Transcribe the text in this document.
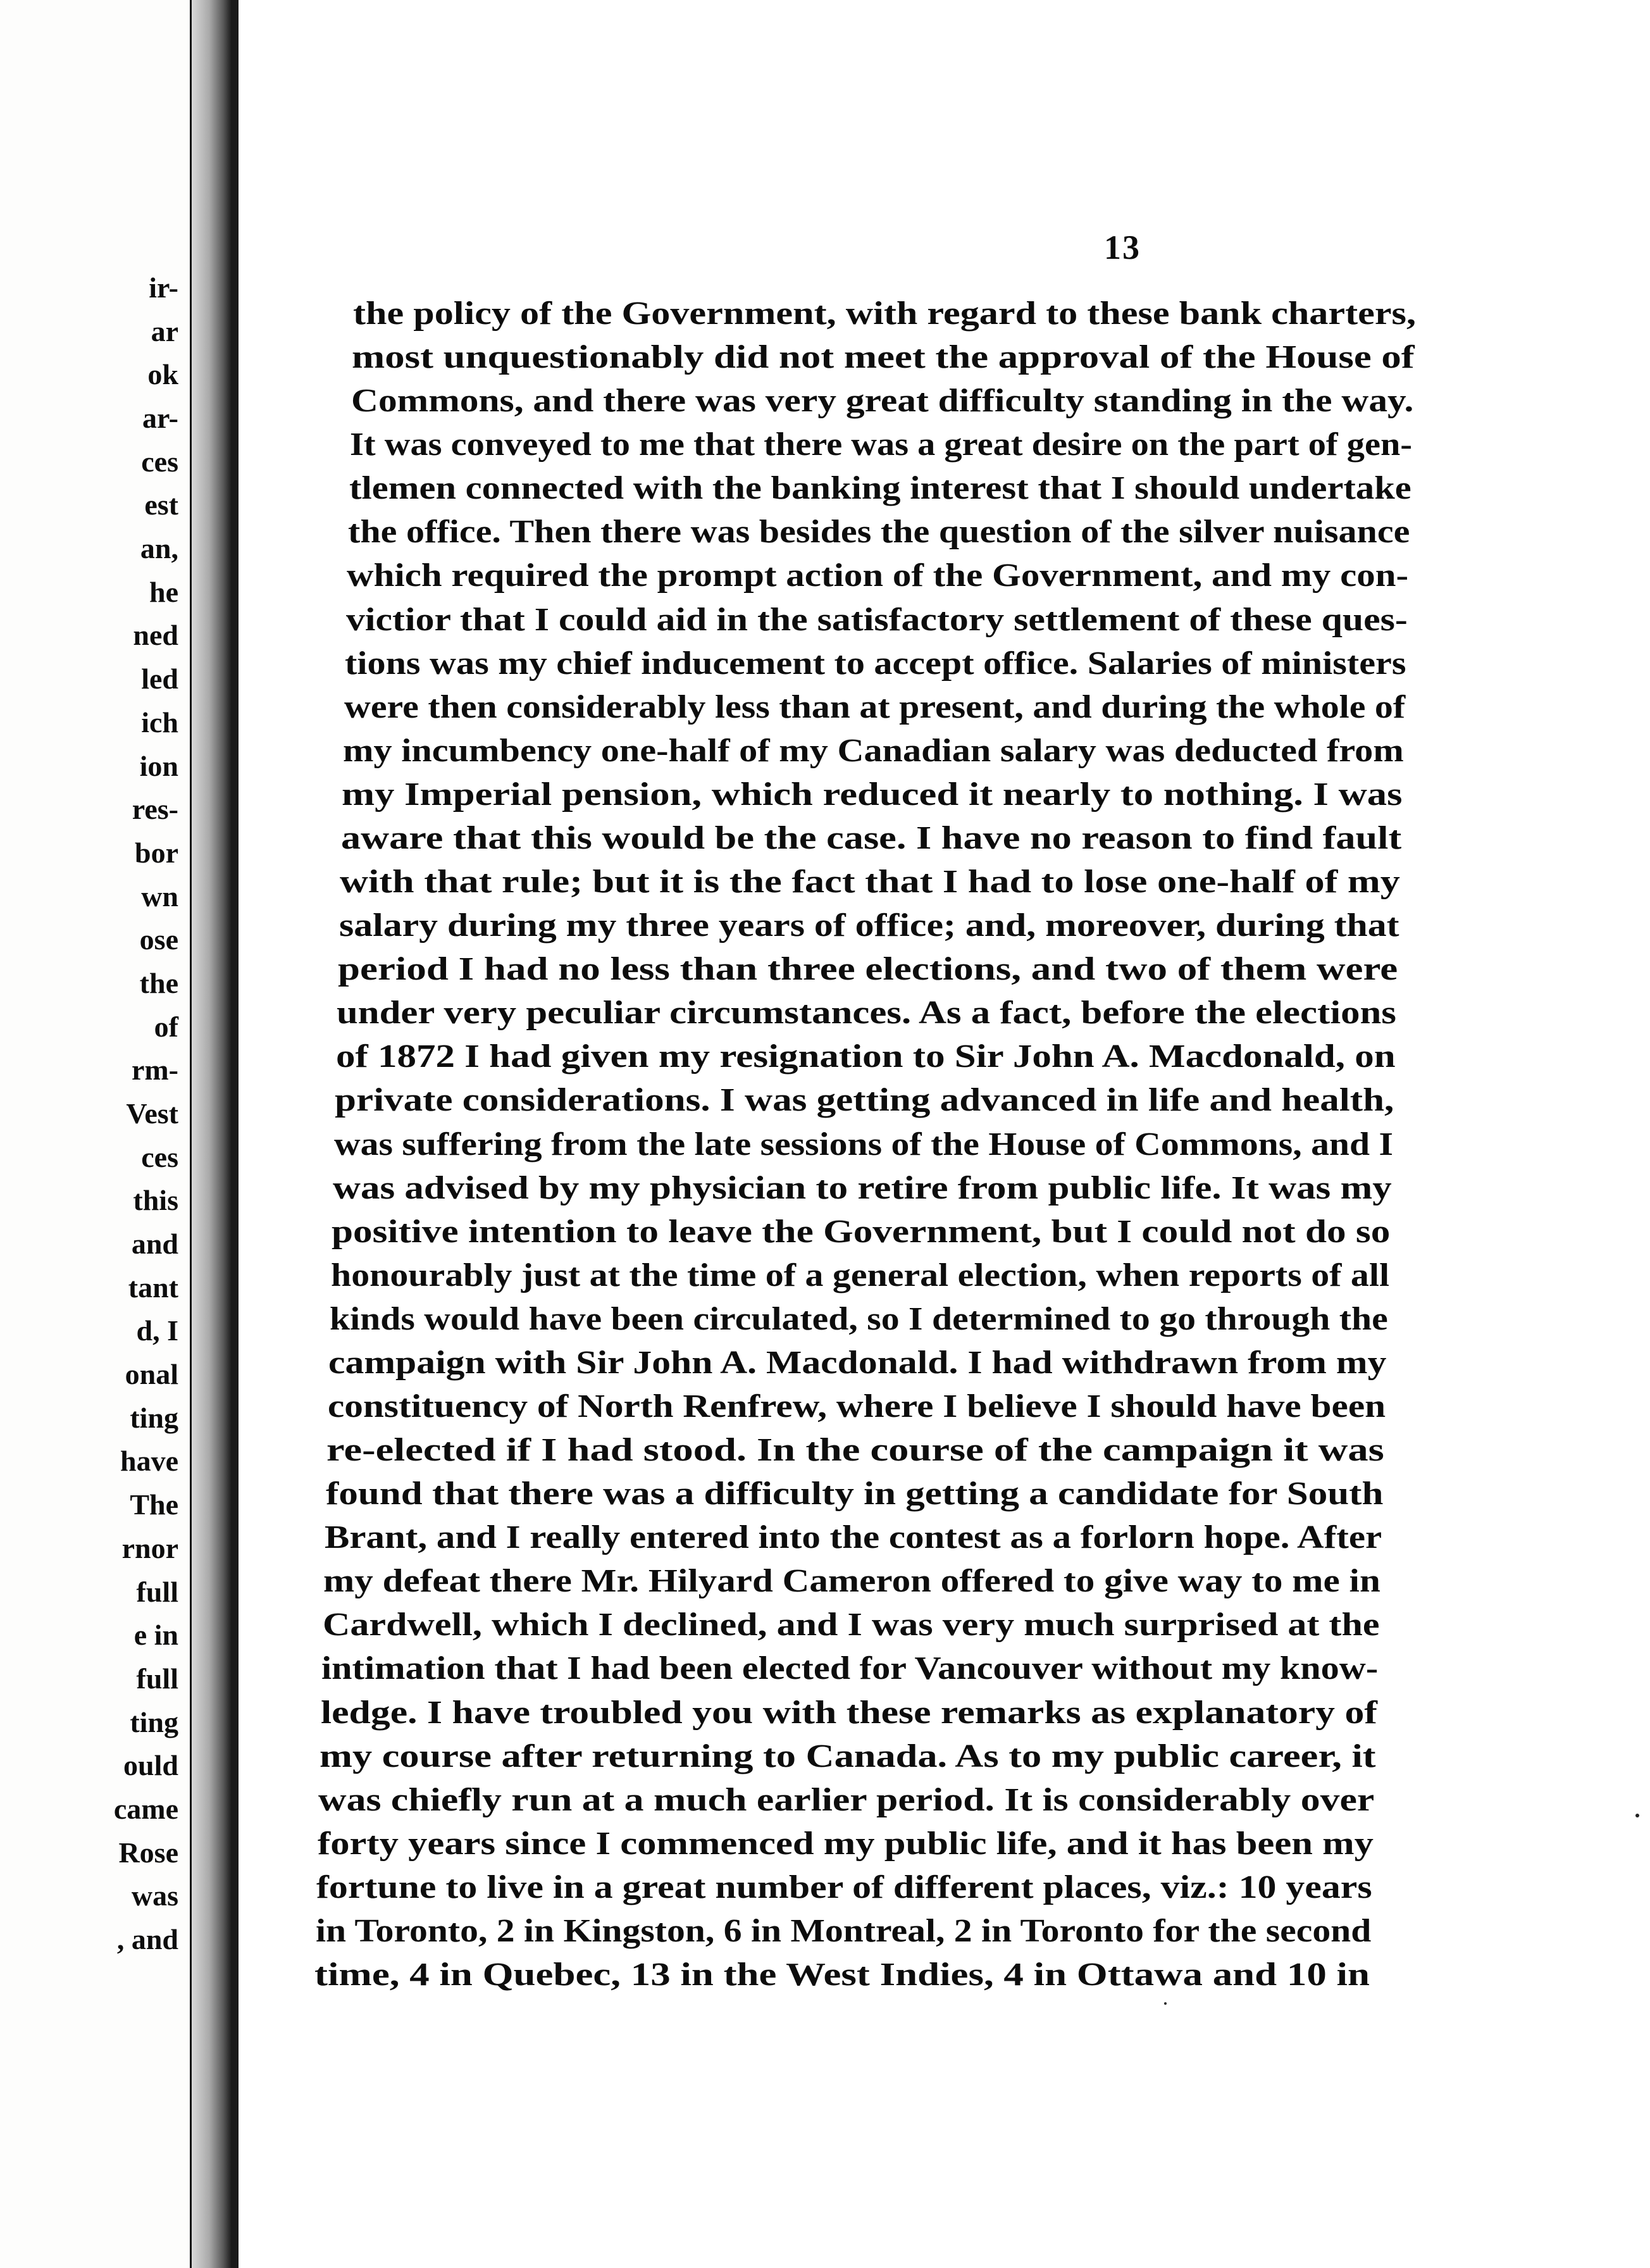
ir-
ar
ok
ar-
ces
est
an,
he
ned
led
ich
ion
res-
bor
wn
ose
the
of
rm-
Vest
ces
this
and
tant
d, I
onal
ting
have
The
rnor
full
e in
full
ting
ould
came
Rose
was
, and
13
the policy of the Government, with regard to these bank charters,
most unquestionably did not meet the approval of the House of
Commons, and there was very great difficulty standing in the way.
It was conveyed to me that there was a great desire on the part of gen-
tlemen connected with the banking interest that I should undertake
the office. Then there was besides the question of the silver nuisance
which required the prompt action of the Government, and my con-
victior that I could aid in the satisfactory settlement of these ques-
tions was my chief inducement to accept office. Salaries of ministers
were then considerably less than at present, and during the whole of
my incumbency one-half of my Canadian salary was deducted from
my Imperial pension, which reduced it nearly to nothing. I was
aware that this would be the case. I have no reason to find fault
with that rule; but it is the fact that I had to lose one-half of my
salary during my three years of office; and, moreover, during that
period I had no less than three elections, and two of them were
under very peculiar circumstances. As a fact, before the elections
of 1872 I had given my resignation to Sir John A. Macdonald, on
private considerations. I was getting advanced in life and health,
was suffering from the late sessions of the House of Commons, and I
was advised by my physician to retire from public life. It was my
positive intention to leave the Government, but I could not do so
honourably just at the time of a general election, when reports of all
kinds would have been circulated, so I determined to go through the
campaign with Sir John A. Macdonald. I had withdrawn from my
constituency of North Renfrew, where I believe I should have been
re-elected if I had stood. In the course of the campaign it was
found that there was a difficulty in getting a candidate for South
Brant, and I really entered into the contest as a forlorn hope. After
my defeat there Mr. Hilyard Cameron offered to give way to me in
Cardwell, which I declined, and I was very much surprised at the
intimation that I had been elected for Vancouver without my know-
ledge. I have troubled you with these remarks as explanatory of
my course after returning to Canada. As to my public career, it
was chiefly run at a much earlier period. It is considerably over
forty years since I commenced my public life, and it has been my
fortune to live in a great number of different places, viz.: 10 years
in Toronto, 2 in Kingston, 6 in Montreal, 2 in Toronto for the second
time, 4 in Quebec, 13 in the West Indies, 4 in Ottawa and 10 in
